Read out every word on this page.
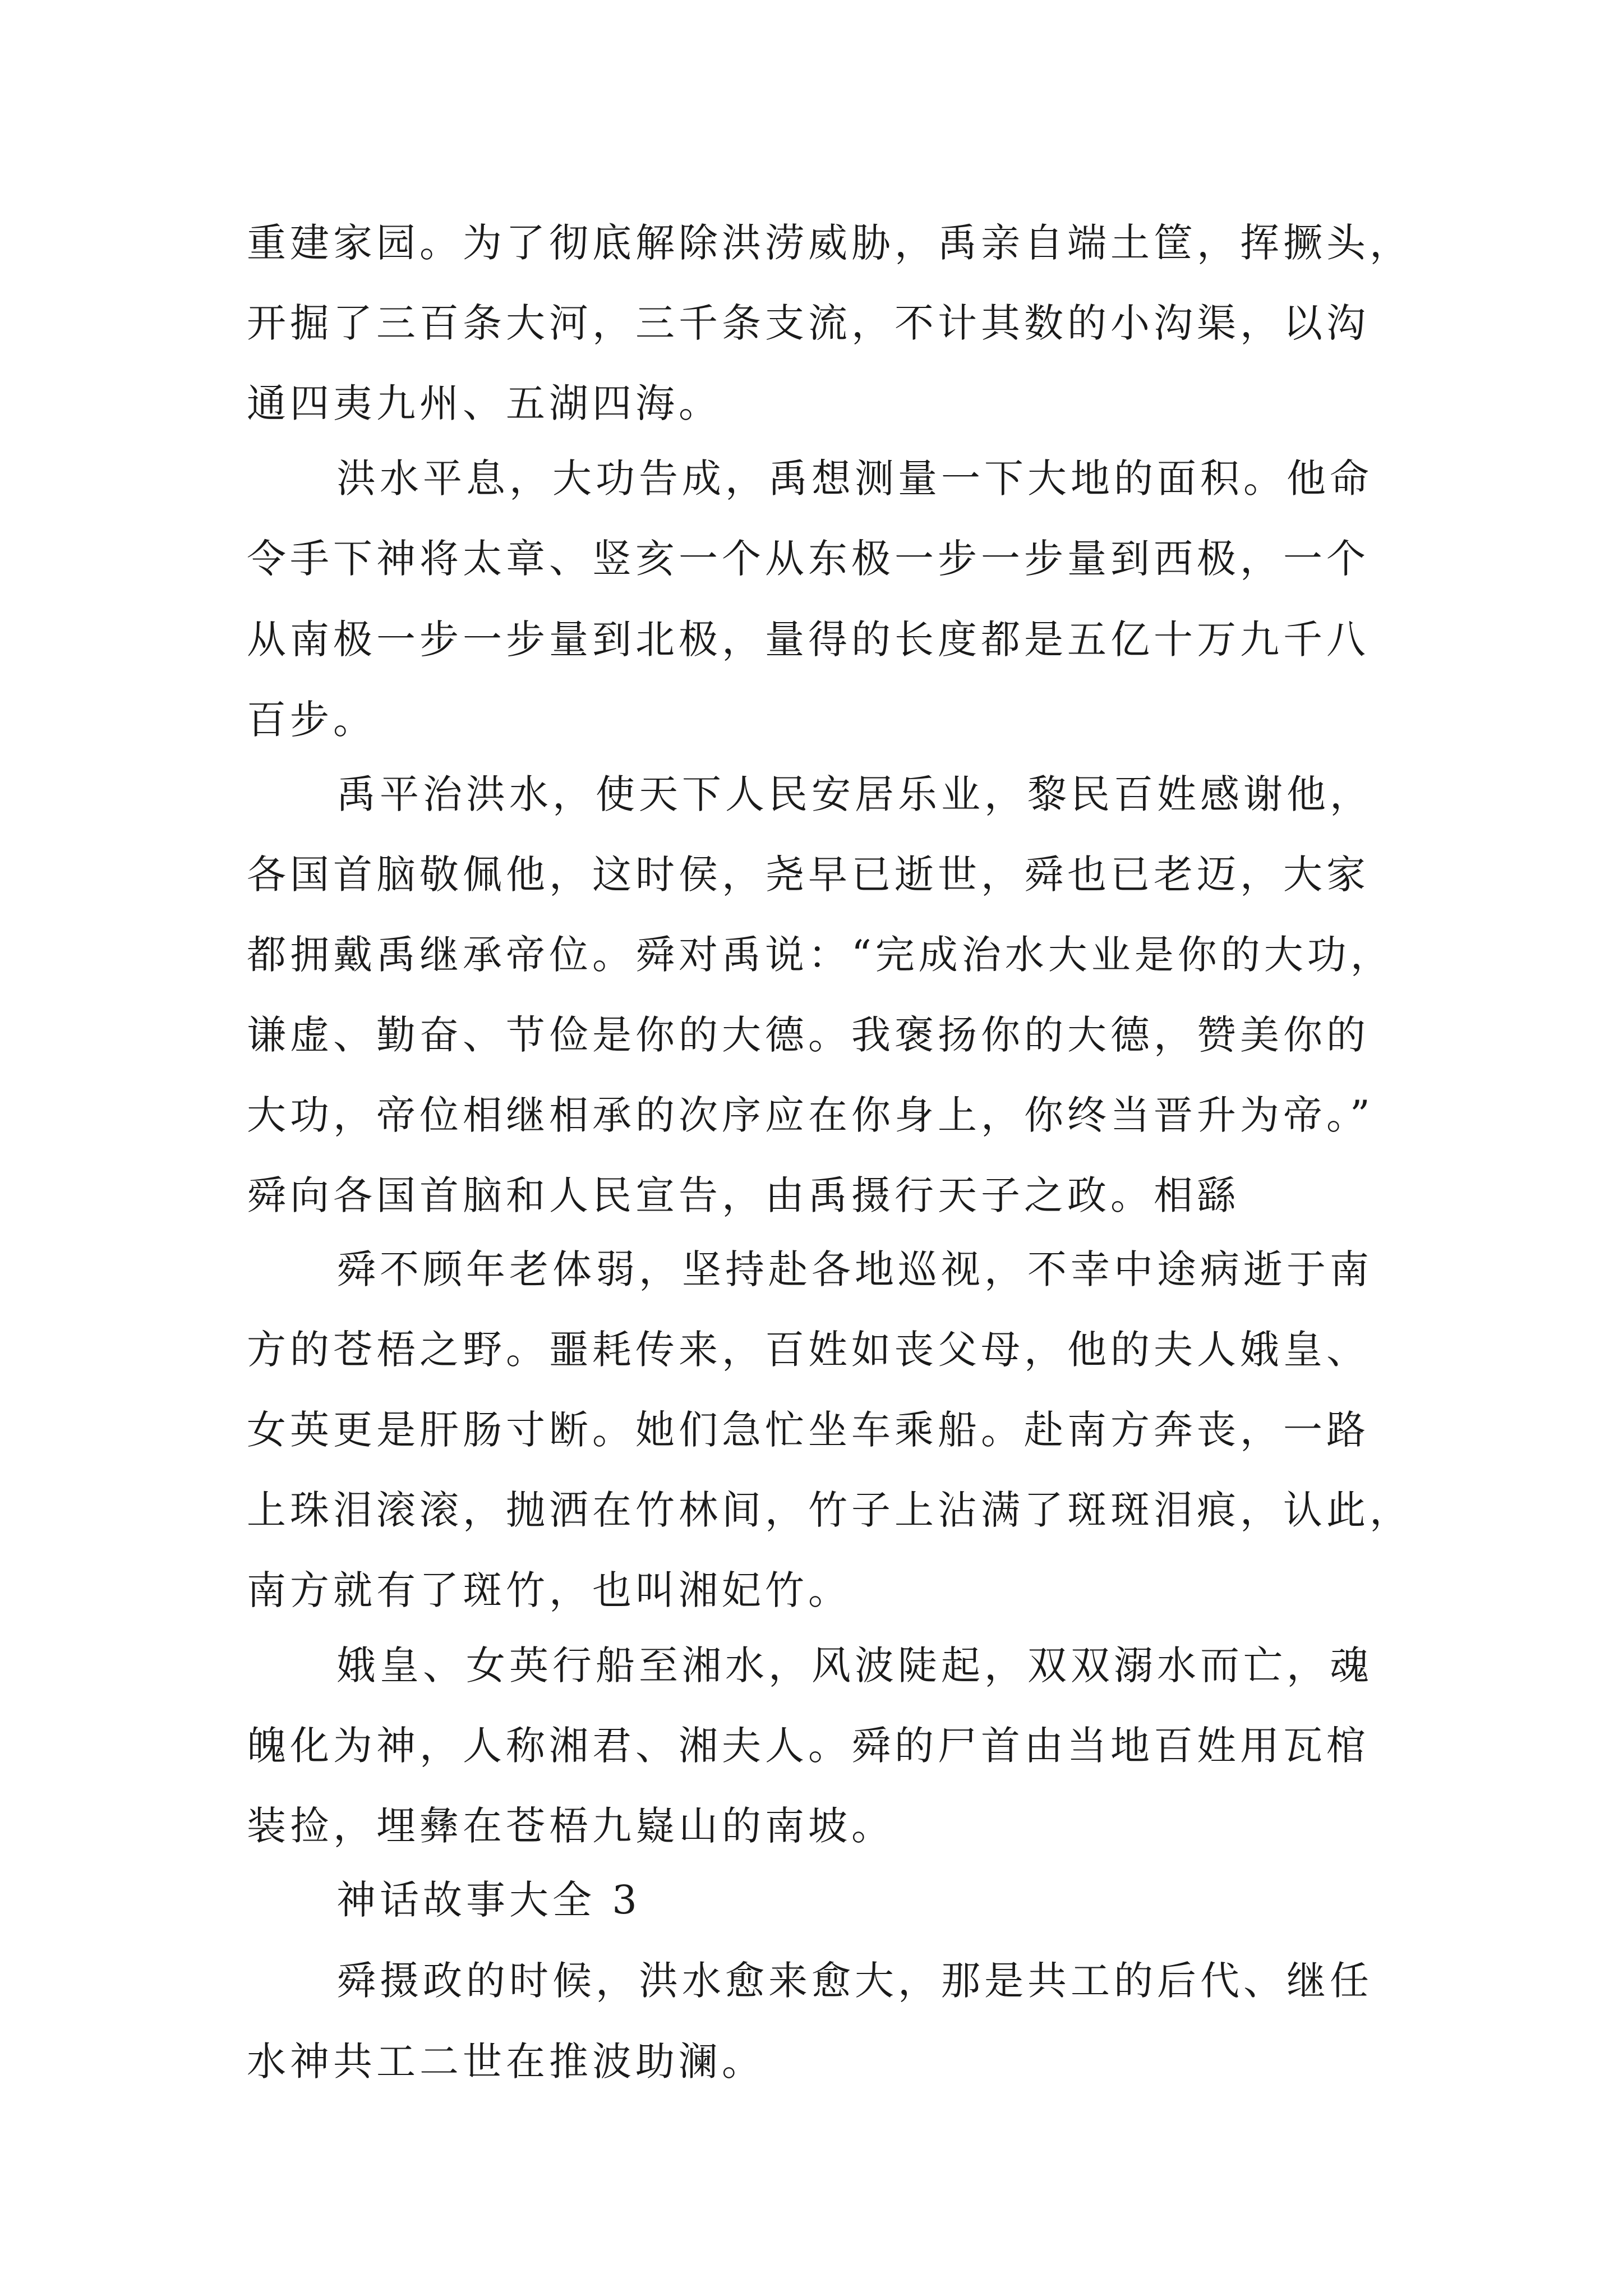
重建家园。为了彻底解除洪涝威胁，禹亲自端土筐，挥撅头，

开掘了三百条大河，三千条支流，不计其数的小沟渠，以沟

通四夷九州、五湖四海。

洪水平息，大功告成，禹想测量一下大地的面积。他命

令手下神将太章、竖亥一个从东极一步一步量到西极，一个

从南极一步一步量到北极，量得的长度都是五亿十万九千八

百步。

禹平治洪水，使天下人民安居乐业，黎民百姓感谢他，

各国首脑敬佩他，这时侯，尧早已逝世，舜也已老迈，大家

都拥戴禹继承帝位。舜对禹说：“完成治水大业是你的大功，

谦虚、勤奋、节俭是你的大德。我褒扬你的大德，赞美你的

大功，帝位相继相承的次序应在你身上，你终当晋升为帝。”

舜向各国首脑和人民宣告，由禹摄行天子之政。相繇

舜不顾年老体弱，坚持赴各地巡视，不幸中途病逝于南

方的苍梧之野。噩耗传来，百姓如丧父母，他的夫人娥皇、

女英更是肝肠寸断。她们急忙坐车乘船。赴南方奔丧，一路

上珠泪滚滚，抛洒在竹林间，竹子上沾满了斑斑泪痕，认此，

南方就有了斑竹，也叫湘妃竹。

娥皇、女英行船至湘水，风波陡起，双双溺水而亡，魂

魄化为神，人称湘君、湘夫人。舜的尸首由当地百姓用瓦棺

装捡，埋彝在苍梧九嶷山的南坡。

神话故事大全 3

舜摄政的时候，洪水愈来愈大，那是共工的后代、继任

水神共工二世在推波助澜。
